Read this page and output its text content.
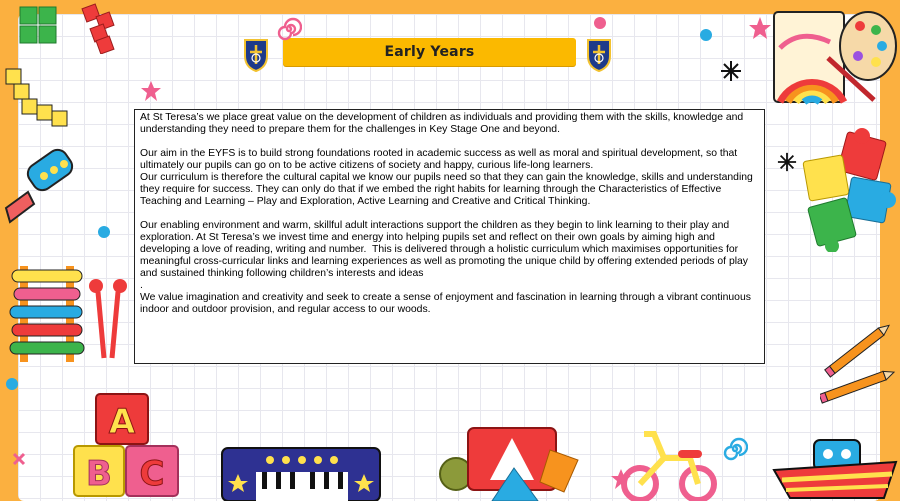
Early Years

At St Teresa’s we place great value on the development of children as individuals and providing them with the skills, knowledge and understanding they need to prepare them for the challenges in Key Stage One and beyond.

Our aim in the EYFS is to build strong foundations rooted in academic success as well as moral and spiritual development, so that ultimately our pupils can go on to be active citizens of society and happy, curious life-long learners.

Our curriculum is therefore the cultural capital we know our pupils need so that they can gain the knowledge, skills and understanding they require for success. They can only do that if we embed the right habits for learning through the Characteristics of Effective Teaching and Learning – Play and Exploration, Active Learning and Creative and Critical Thinking.

Our enabling environment and warm, skillful adult interactions support the children as they begin to link learning to their play and exploration. At St Teresa’s we invest time and energy into helping pupils set and reflect on their own goals by aiming high and developing a love of reading, writing and number.  This is delivered through a holistic curriculum which maximises opportunities for meaningful cross-curricular links and learning experiences as well as promoting the unique child by offering extended periods of play and sustained thinking following children’s interests and ideas

.

We value imagination and creativity and seek to create a sense of enjoyment and fascination in learning through a vibrant continuous indoor and outdoor provision, and regular access to our woods.

A
B C
